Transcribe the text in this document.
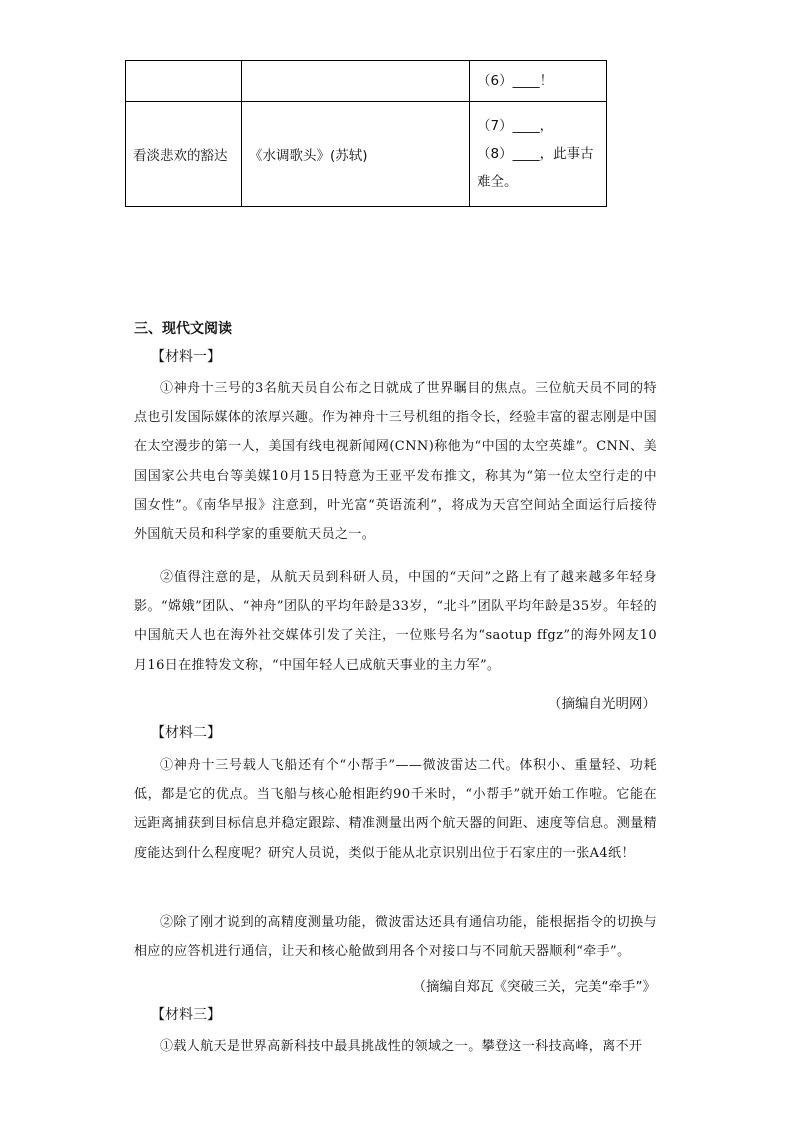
		（6）____！
看淡悲欢的豁达	《水调歌头》(苏轼)	（7）____，
（8）____，此事古
难全。
三、现代文阅读
【材料一】
①神舟十三号的3名航天员自公布之日就成了世界瞩目的焦点。三位航天员不同的特点也引发国际媒体的浓厚兴趣。作为神舟十三号机组的指令长，经验丰富的翟志刚是中国在太空漫步的第一人，美国有线电视新闻网(CNN)称他为“中国的太空英雄”。CNN、美国国家公共电台等美媒10月15日特意为王亚平发布推文，称其为“第一位太空行走的中国女性”。《南华早报》注意到，叶光富“英语流利”，将成为天宫空间站全面运行后接待外国航天员和科学家的重要航天员之一。
②值得注意的是，从航天员到科研人员，中国的“天问”之路上有了越来越多年轻身影。“嫦娥”团队、“神舟”团队的平均年龄是33岁，“北斗”团队平均年龄是35岁。年轻的中国航天人也在海外社交媒体引发了关注，一位账号名为“saotup ffgz”的海外网友10月16日在推特发文称，“中国年轻人已成航天事业的主力军”。
（摘编自光明网）
【材料二】
①神舟十三号载人飞船还有个“小帮手”——微波雷达二代。体积小、重量轻、功耗低，都是它的优点。当飞船与核心舱相距约90千米时，“小帮手”就开始工作啦。它能在远距离捕获到目标信息并稳定跟踪、精准测量出两个航天器的间距、速度等信息。测量精度能达到什么程度呢？研究人员说，类似于能从北京识别出位于石家庄的一张A4纸！
②除了刚才说到的高精度测量功能，微波雷达还具有通信功能，能根据指令的切换与相应的应答机进行通信，让天和核心舱做到用各个对接口与不同航天器顺利“牵手”。
（摘编自郑瓦《突破三关，完美“牵手”》
【材料三】
①载人航天是世界高新科技中最具挑战性的领域之一。攀登这一科技高峰，离不开
